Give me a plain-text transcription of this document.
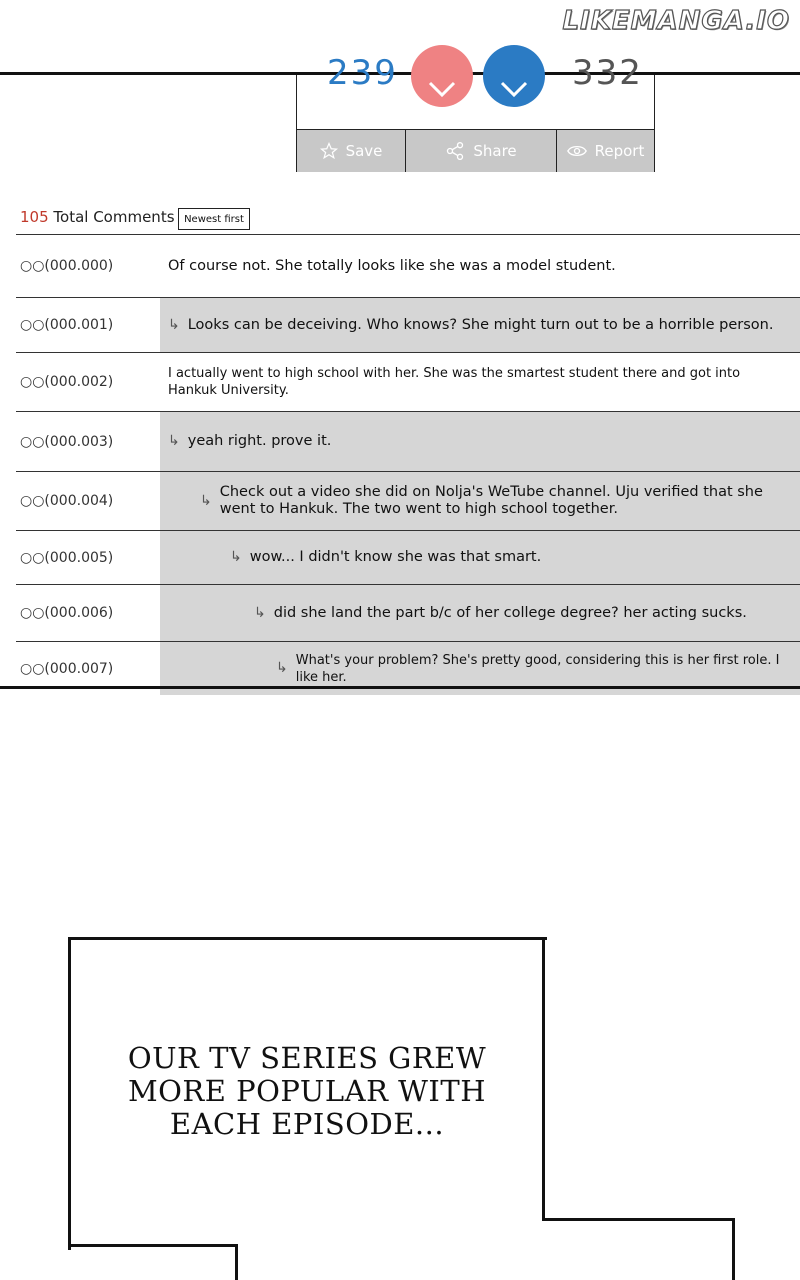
LIKEMANGA.IO
239	332
Save	Share	Report
105 Total Comments Newest first
○○(000.000)	Of course not. She totally looks like she was a model student.
○○(000.001)	↳ Looks can be deceiving. Who knows? She might turn out to be a horrible person.
○○(000.002)
I actually went to high school with her. She was the smartest student there and got into Hankuk University.
○○(000.003)	↳ yeah right. prove it.
○○(000.004)	↳
Check out a video she did on Nolja's WeTube channel. Uju verified that she went to Hankuk. The two went to high school together.
○○(000.005)	↳ wow... I didn't know she was that smart.
○○(000.006)	↳ did she land the part b/c of her college degree? her acting sucks.
○○(000.007)	↳ What's your problem? She's pretty good, considering this is her first role. I like her.
OUR TV SERIES GREW MORE POPULAR WITH EACH EPISODE...
